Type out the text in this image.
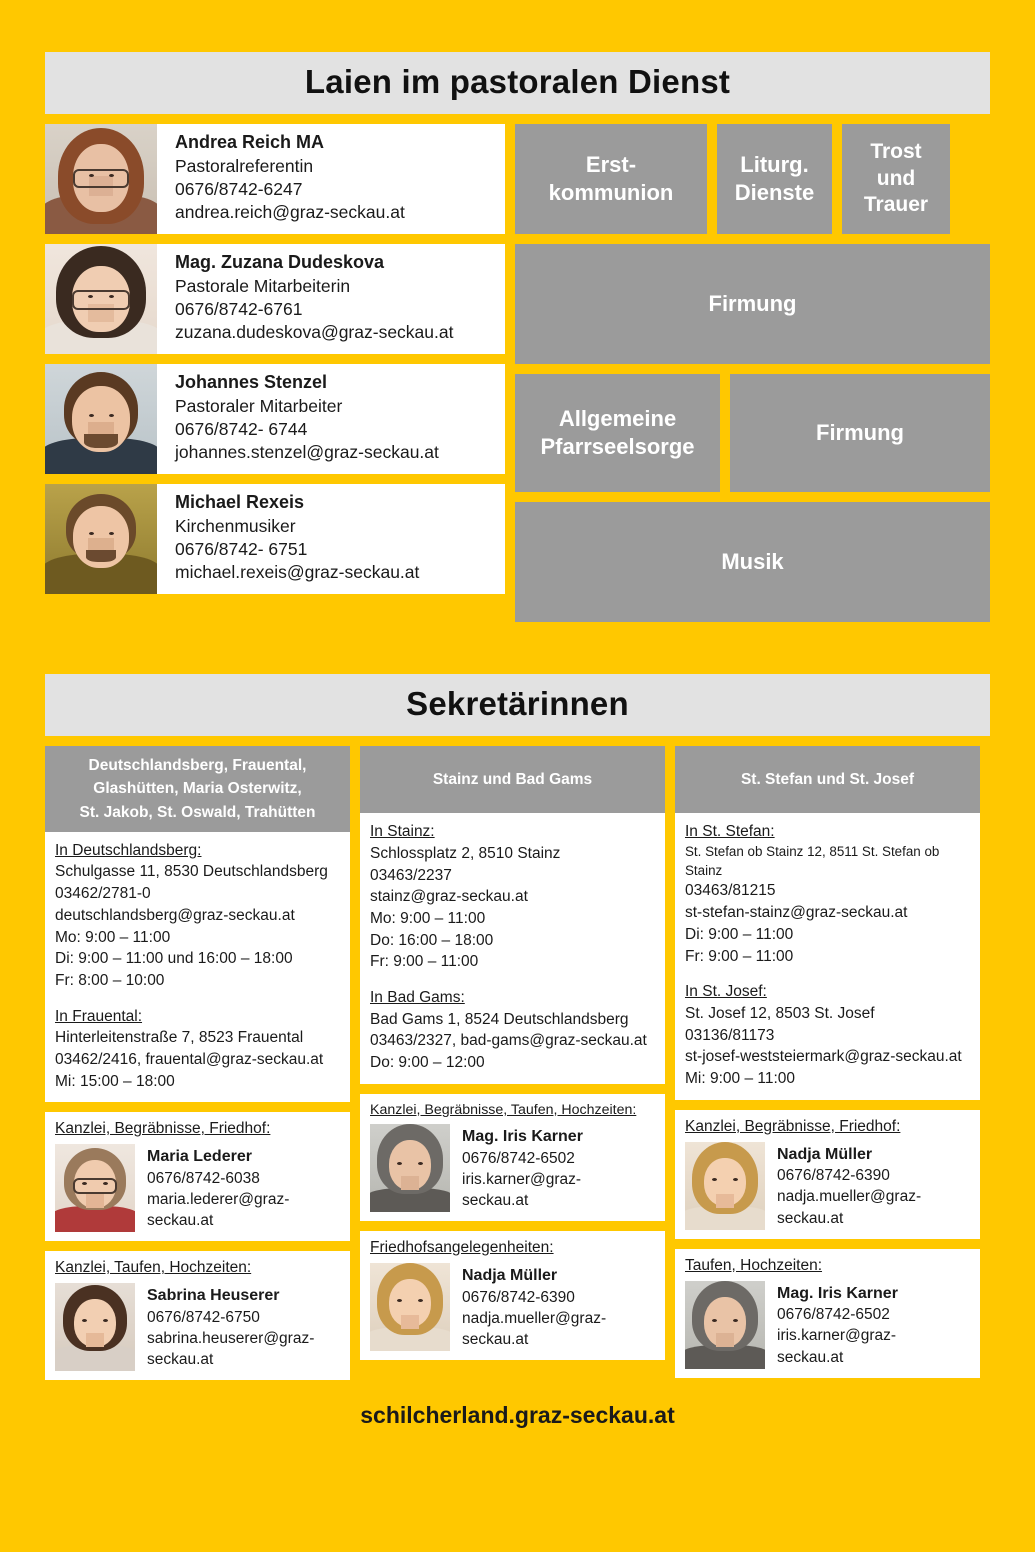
Laien im pastoralen Dienst
Andrea Reich MA
Pastoralreferentin
0676/8742-6247
andrea.reich@graz-seckau.at
Mag. Zuzana Dudeskova
Pastorale Mitarbeiterin
0676/8742-6761
zuzana.dudeskova@graz-seckau.at
Johannes Stenzel
Pastoraler Mitarbeiter
0676/8742- 6744
johannes.stenzel@graz-seckau.at
Michael Rexeis
Kirchenmusiker
0676/8742- 6751
michael.rexeis@graz-seckau.at
Erst-
kommunion
Liturg.
Dienste
Trost
und
Trauer
Firmung
Allgemeine
Pfarrseelsorge
Firmung
Musik
Sekretärinnen
Deutschlandsberg, Frauental,
Glashütten, Maria Osterwitz,
St. Jakob, St. Oswald, Trahütten
In Deutschlandsberg:
Schulgasse 11, 8530 Deutschlandsberg
03462/2781-0
deutschlandsberg@graz-seckau.at
Mo: 9:00 – 11:00
Di: 9:00 – 11:00 und 16:00 – 18:00
Fr: 8:00 – 10:00
In Frauental:
Hinterleitenstraße 7, 8523 Frauental
03462/2416, frauental@graz-seckau.at
Mi: 15:00 – 18:00
Kanzlei, Begräbnisse, Friedhof:
Maria Lederer
0676/8742-6038
maria.lederer@graz-
seckau.at
Kanzlei, Taufen, Hochzeiten:
Sabrina Heuserer
0676/8742-6750
sabrina.heuserer@graz-
seckau.at
Stainz und Bad Gams
In Stainz:
Schlossplatz 2, 8510 Stainz
03463/2237
stainz@graz-seckau.at
Mo: 9:00 – 11:00
Do: 16:00 – 18:00
Fr: 9:00 – 11:00
In Bad Gams:
Bad Gams 1, 8524 Deutschlandsberg
03463/2327, bad-gams@graz-seckau.at
Do: 9:00 – 12:00
Kanzlei, Begräbnisse, Taufen, Hochzeiten:
Mag. Iris Karner
0676/8742-6502
iris.karner@graz-
seckau.at
Friedhofsangelegenheiten:
Nadja Müller
0676/8742-6390
nadja.mueller@graz-
seckau.at
St. Stefan und St. Josef
In St. Stefan:
St. Stefan ob Stainz 12, 8511 St. Stefan ob Stainz
03463/81215
st-stefan-stainz@graz-seckau.at
Di: 9:00 – 11:00
Fr: 9:00 – 11:00
In St. Josef:
St. Josef 12, 8503 St. Josef
03136/81173
st-josef-weststeiermark@graz-seckau.at
Mi: 9:00 – 11:00
Kanzlei, Begräbnisse, Friedhof:
Nadja Müller
0676/8742-6390
nadja.mueller@graz-
seckau.at
Taufen, Hochzeiten:
Mag. Iris Karner
0676/8742-6502
iris.karner@graz-
seckau.at
schilcherland.graz-seckau.at
